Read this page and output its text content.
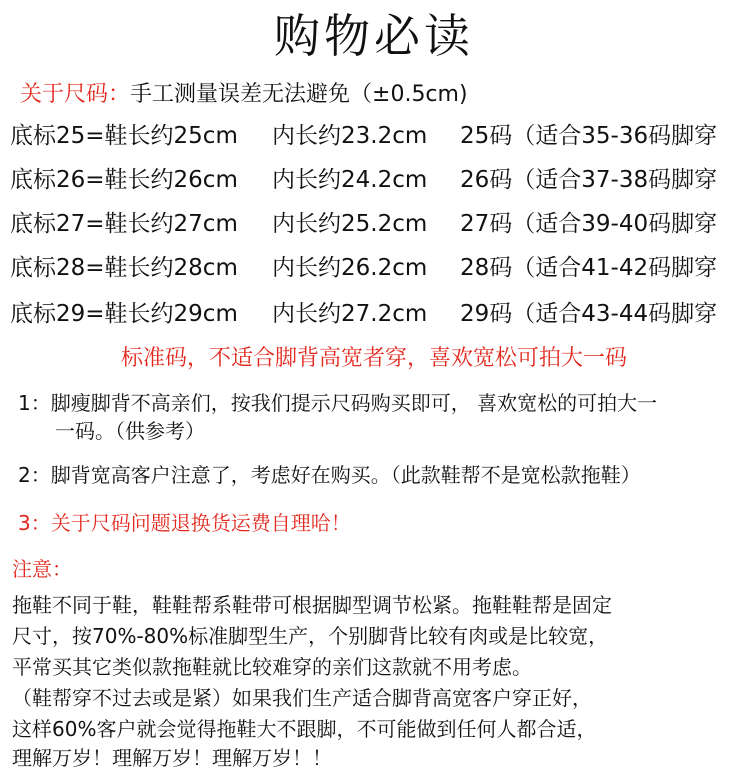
购物必读
关于尺码：手工测量误差无法避免（±0.5cm)
底标25=鞋长约25cm 内长约23.2cm 25码（适合35-36码脚穿
底标26=鞋长约26cm 内长约24.2cm 26码（适合37-38码脚穿
底标27=鞋长约27cm 内长约25.2cm 27码（适合39-40码脚穿
底标28=鞋长约28cm 内长约26.2cm 28码（适合41-42码脚穿
底标29=鞋长约29cm 内长约27.2cm 29码（适合43-44码脚穿
标准码，不适合脚背高宽者穿，喜欢宽松可拍大一码
1：脚瘦脚背不高亲们，按我们提示尺码购买即可， 喜欢宽松的可拍大一
一码。（供参考）
2：脚背宽高客户注意了，考虑好在购买。（此款鞋帮不是宽松款拖鞋）
3：关于尺码问题退换货运费自理哈！
注意：
拖鞋不同于鞋，鞋鞋帮系鞋带可根据脚型调节松紧。拖鞋鞋帮是固定
尺寸，按70%-80%标准脚型生产，个别脚背比较有肉或是比较宽，
平常买其它类似款拖鞋就比较难穿的亲们这款就不用考虑。
（鞋帮穿不过去或是紧）如果我们生产适合脚背高宽客户穿正好，
这样60%客户就会觉得拖鞋大不跟脚，不可能做到任何人都合适，
理解万岁！理解万岁！理解万岁！！
